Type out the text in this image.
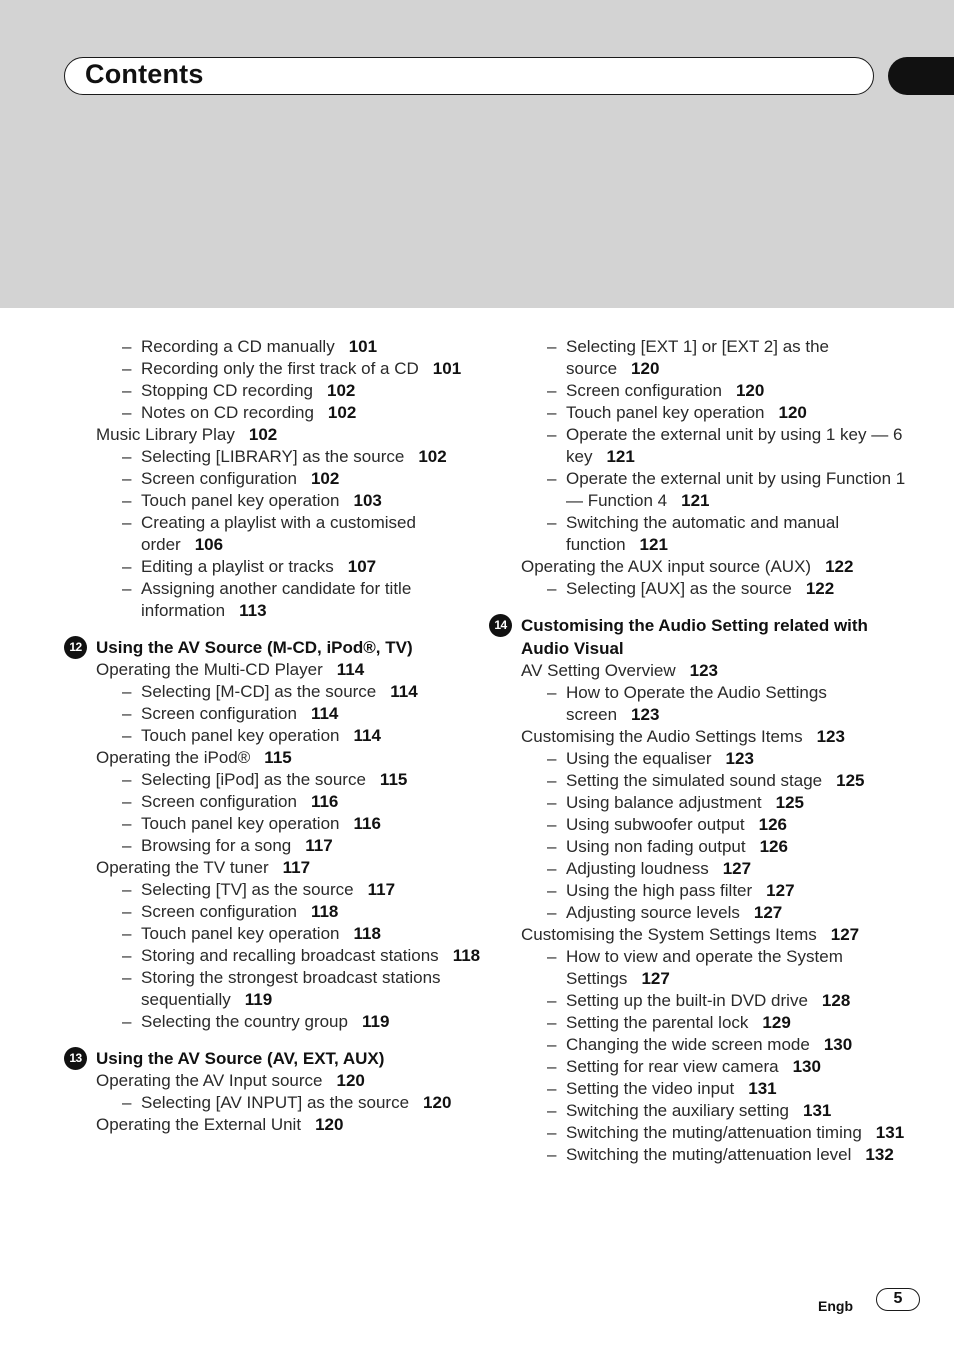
Contents
– Recording a CD manually 101
– Recording only the first track of a CD 101
– Stopping CD recording 102
– Notes on CD recording 102
Music Library Play 102
– Selecting [LIBRARY] as the source 102
– Screen configuration 102
– Touch panel key operation 103
– Creating a playlist with a customised order 106
– Editing a playlist or tracks 107
– Assigning another candidate for title information 113
12 Using the AV Source (M-CD, iPod®, TV)
Operating the Multi-CD Player 114
– Selecting [M-CD] as the source 114
– Screen configuration 114
– Touch panel key operation 114
Operating the iPod® 115
– Selecting [iPod] as the source 115
– Screen configuration 116
– Touch panel key operation 116
– Browsing for a song 117
Operating the TV tuner 117
– Selecting [TV] as the source 117
– Screen configuration 118
– Touch panel key operation 118
– Storing and recalling broadcast stations 118
– Storing the strongest broadcast stations sequentially 119
– Selecting the country group 119
13 Using the AV Source (AV, EXT, AUX)
Operating the AV Input source 120
– Selecting [AV INPUT] as the source 120
Operating the External Unit 120
– Selecting [EXT 1] or [EXT 2] as the source 120
– Screen configuration 120
– Touch panel key operation 120
– Operate the external unit by using 1 key — 6 key 121
– Operate the external unit by using Function 1 — Function 4 121
– Switching the automatic and manual function 121
Operating the AUX input source (AUX) 122
– Selecting [AUX] as the source 122
14 Customising the Audio Setting related with Audio Visual
AV Setting Overview 123
– How to Operate the Audio Settings screen 123
Customising the Audio Settings Items 123
– Using the equaliser 123
– Setting the simulated sound stage 125
– Using balance adjustment 125
– Using subwoofer output 126
– Using non fading output 126
– Adjusting loudness 127
– Using the high pass filter 127
– Adjusting source levels 127
Customising the System Settings Items 127
– How to view and operate the System Settings 127
– Setting up the built-in DVD drive 128
– Setting the parental lock 129
– Changing the wide screen mode 130
– Setting for rear view camera 130
– Setting the video input 131
– Switching the auxiliary setting 131
– Switching the muting/attenuation timing 131
– Switching the muting/attenuation level 132
Engb	5
